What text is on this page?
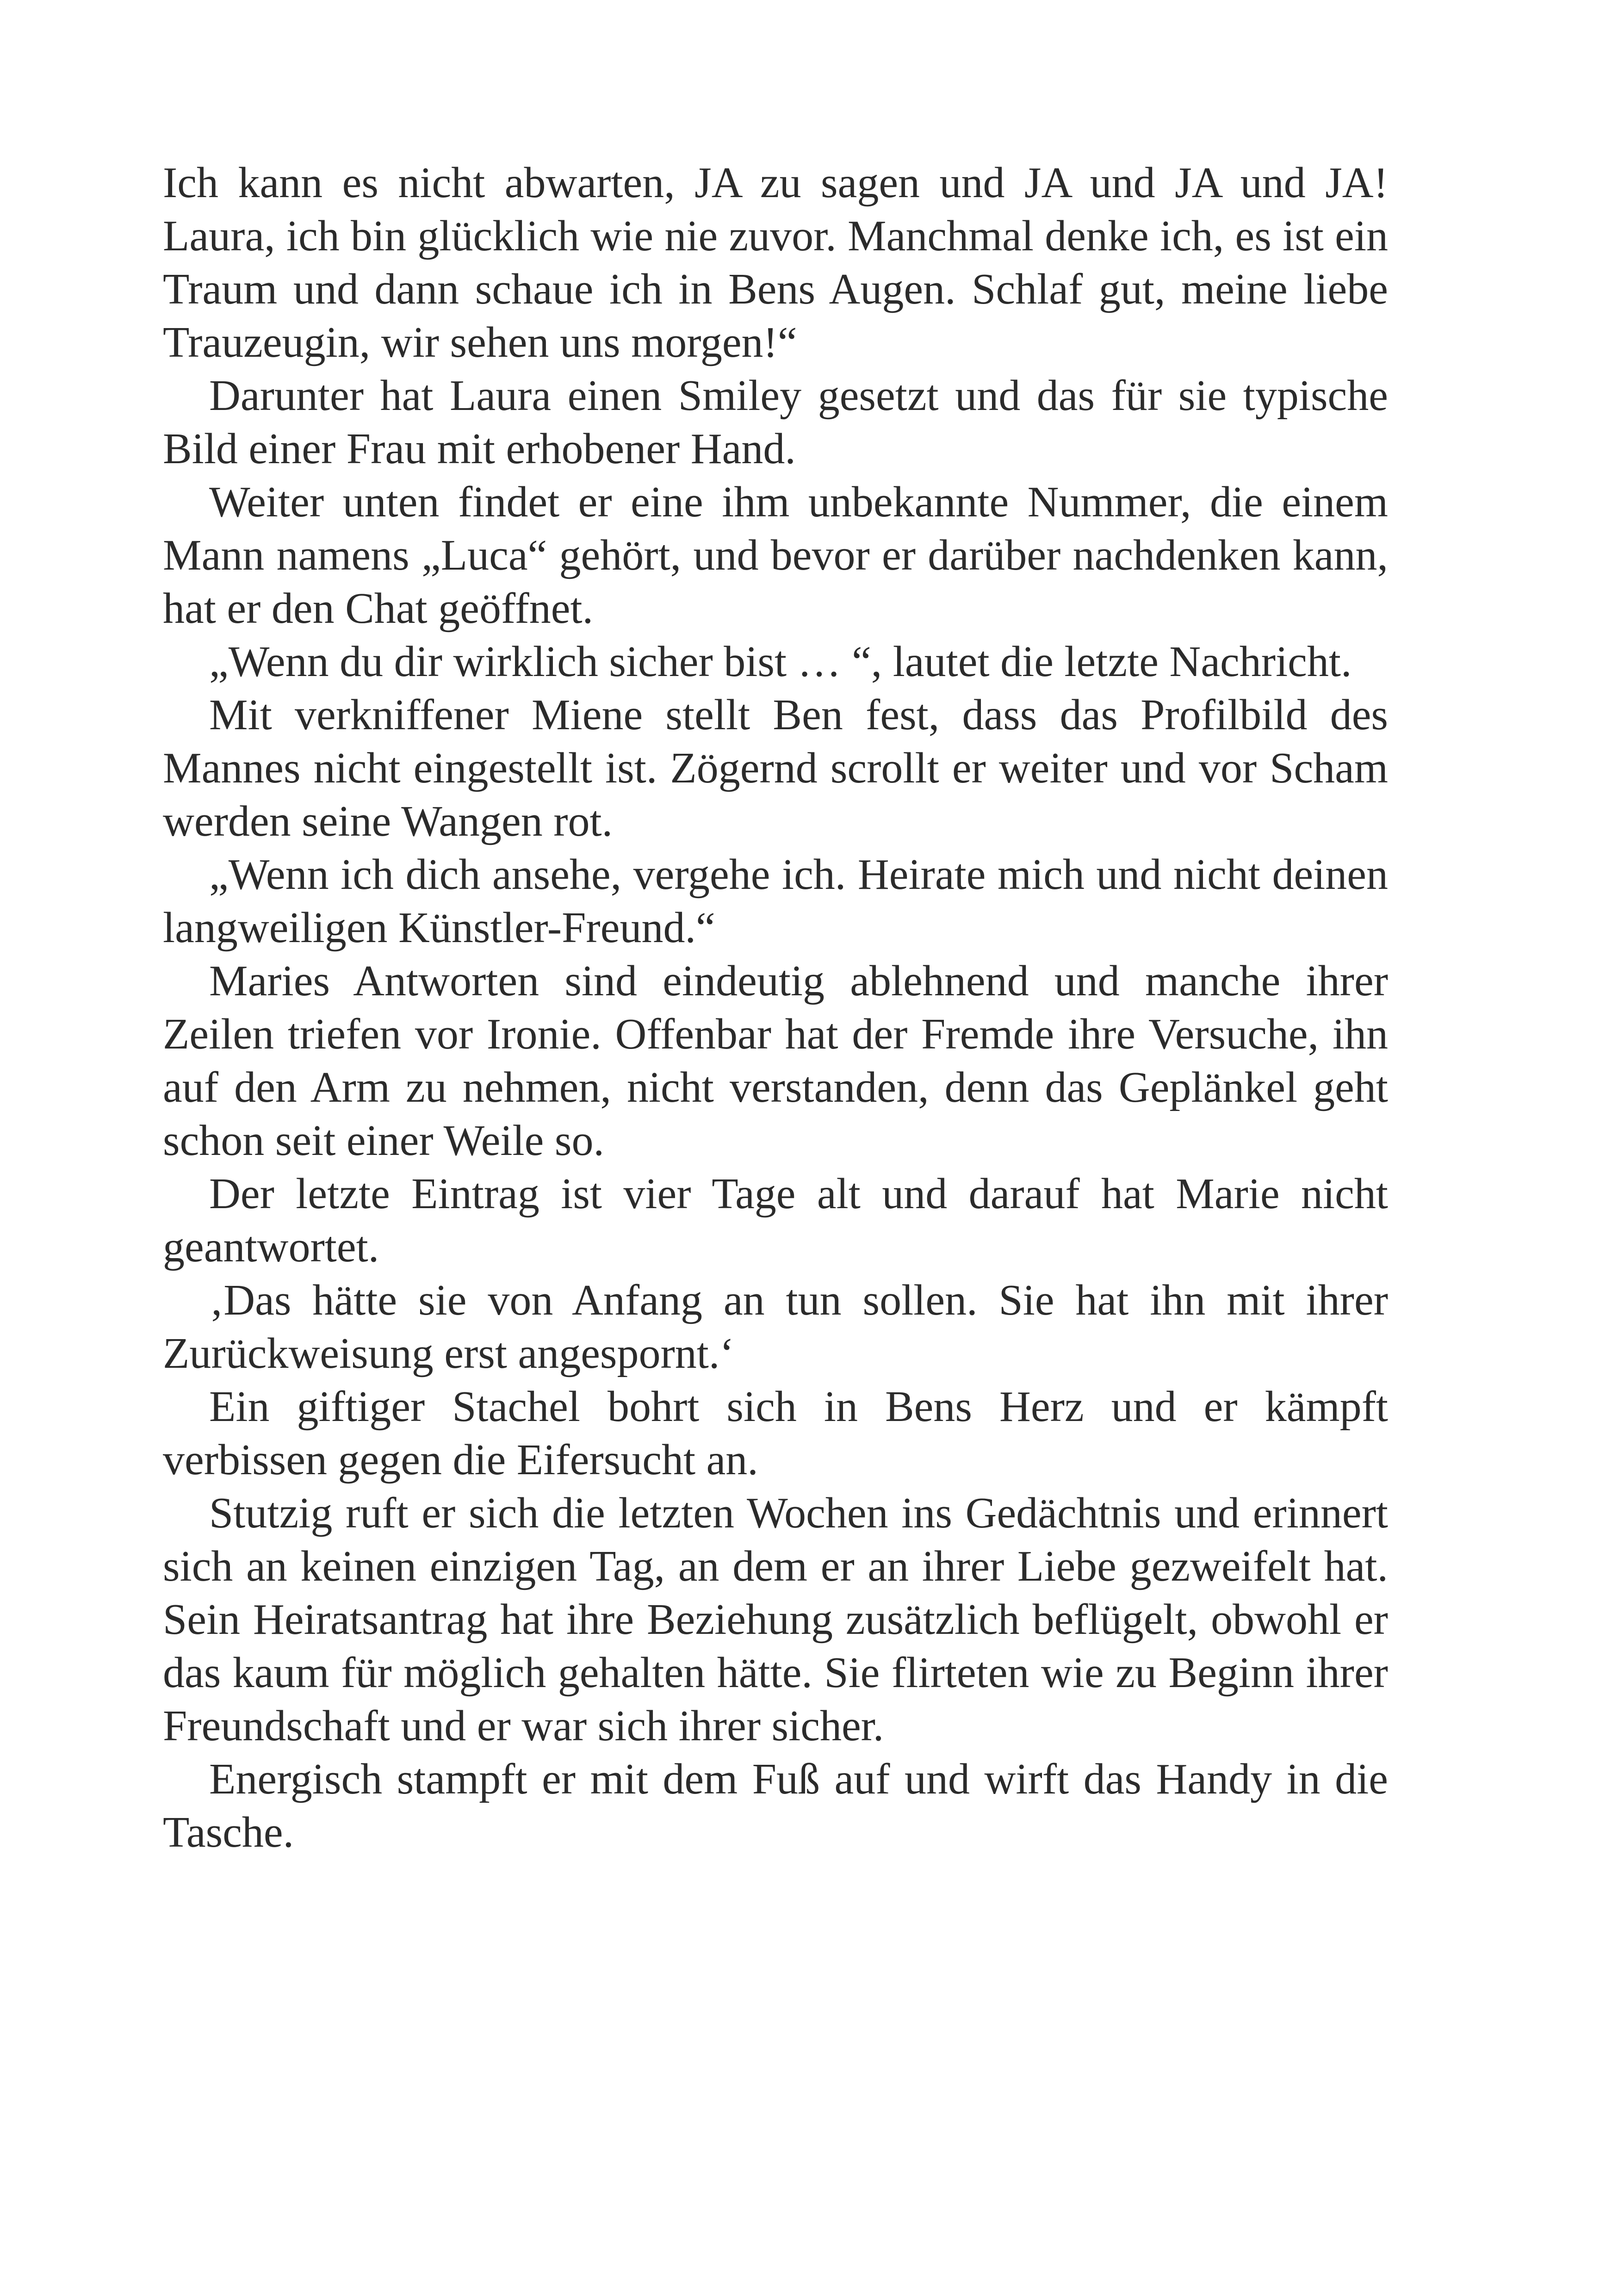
Ich kann es nicht abwarten, JA zu sagen und JA und JA und JA! Laura, ich bin glücklich wie nie zuvor. Manchmal denke ich, es ist ein Traum und dann schaue ich in Bens Augen. Schlaf gut, meine liebe Trauzeugin, wir sehen uns morgen!“

Darunter hat Laura einen Smiley gesetzt und das für sie typische Bild einer Frau mit erhobener Hand.

Weiter unten findet er eine ihm unbekannte Nummer, die einem Mann namens „Luca“ gehört, und bevor er darüber nachdenken kann, hat er den Chat geöffnet.

„Wenn du dir wirklich sicher bist … “, lautet die letzte Nachricht.

Mit verkniffener Miene stellt Ben fest, dass das Profilbild des Mannes nicht eingestellt ist. Zögernd scrollt er weiter und vor Scham werden seine Wangen rot.

„Wenn ich dich ansehe, vergehe ich. Heirate mich und nicht deinen langweiligen Künstler-Freund.“

Maries Antworten sind eindeutig ablehnend und manche ihrer Zeilen triefen vor Ironie. Offenbar hat der Fremde ihre Versuche, ihn auf den Arm zu nehmen, nicht verstanden, denn das Geplänkel geht schon seit einer Weile so.

Der letzte Eintrag ist vier Tage alt und darauf hat Marie nicht geantwortet.

‚Das hätte sie von Anfang an tun sollen. Sie hat ihn mit ihrer Zurückweisung erst angespornt.‘

Ein giftiger Stachel bohrt sich in Bens Herz und er kämpft verbissen gegen die Eifersucht an.

Stutzig ruft er sich die letzten Wochen ins Gedächtnis und erinnert sich an keinen einzigen Tag, an dem er an ihrer Liebe gezweifelt hat. Sein Heiratsantrag hat ihre Beziehung zusätzlich beflügelt, obwohl er das kaum für möglich gehalten hätte. Sie flirteten wie zu Beginn ihrer Freundschaft und er war sich ihrer sicher.

Energisch stampft er mit dem Fuß auf und wirft das Handy in die Tasche.
